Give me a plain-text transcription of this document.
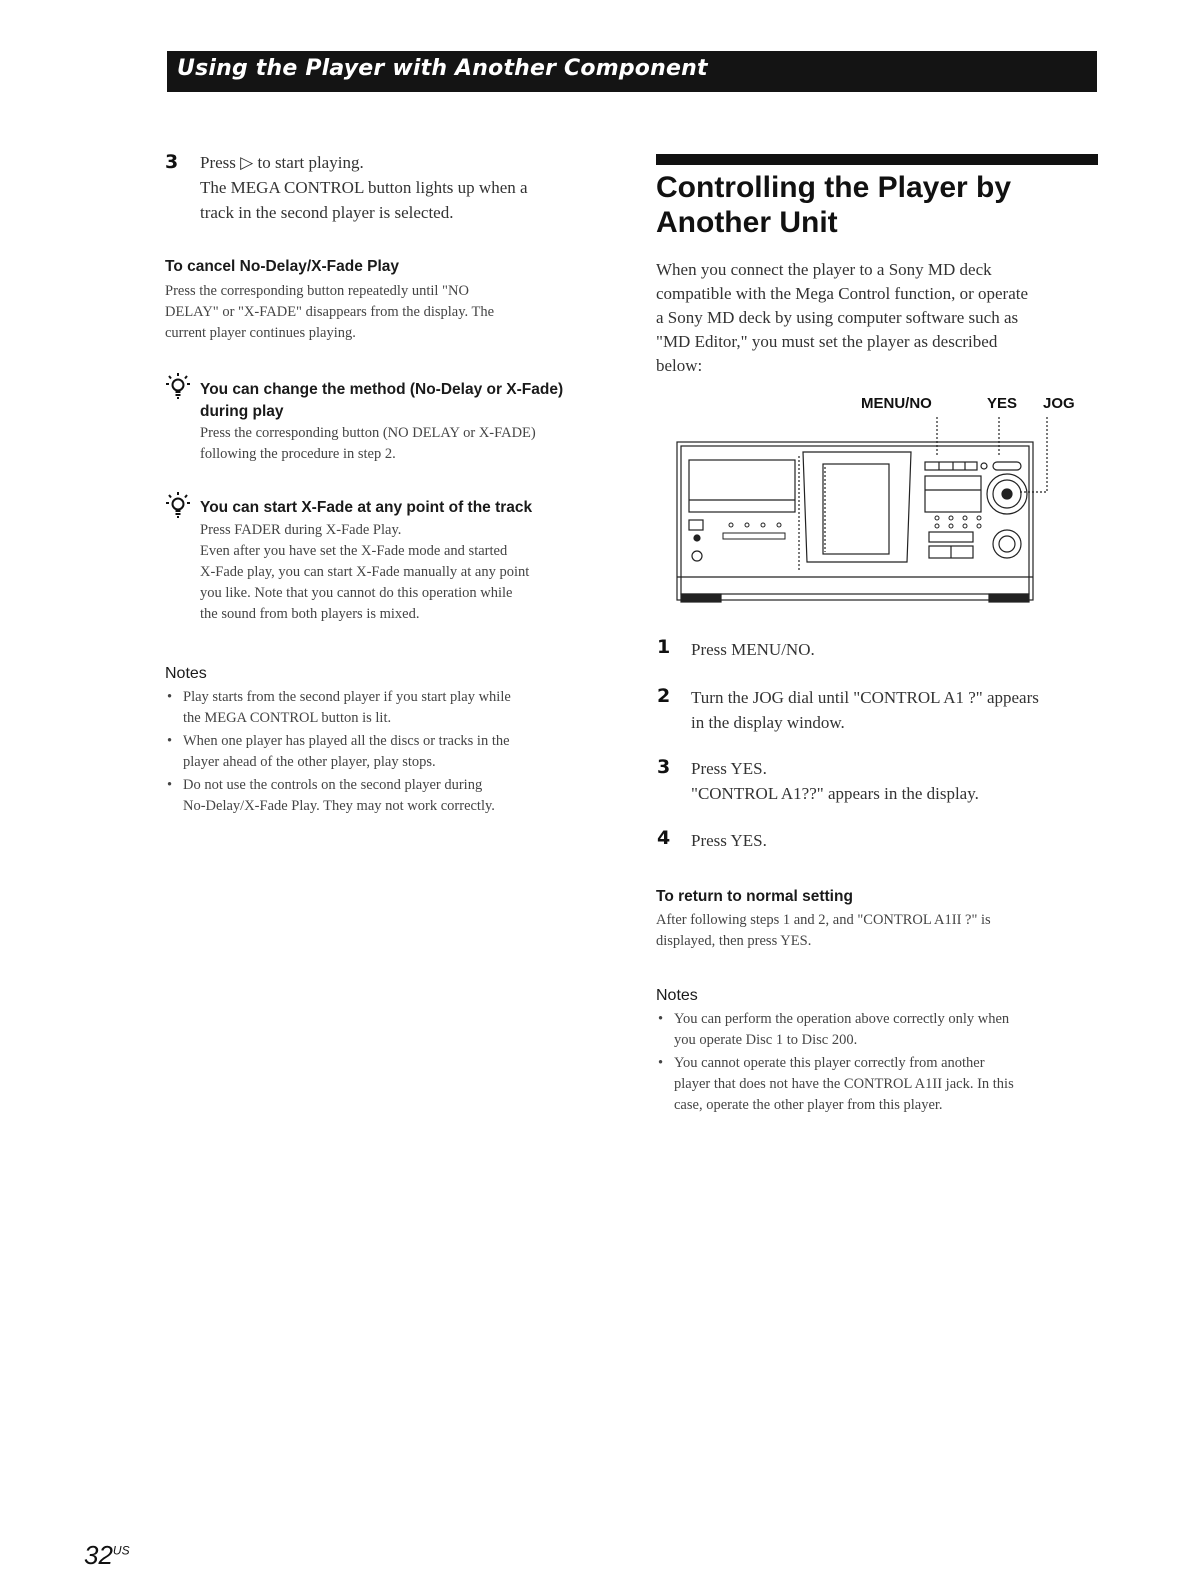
Using the Player with Another Component
3 Press ▷ to start playing.
The MEGA CONTROL button lights up when a
track in the second player is selected.
To cancel No-Delay/X-Fade Play
Press the corresponding button repeatedly until "NO
DELAY" or "X-FADE" disappears from the display. The
current player continues playing.
You can change the method (No-Delay or X-Fade)
during play
Press the corresponding button (NO DELAY or X-FADE)
following the procedure in step 2.
You can start X-Fade at any point of the track
Press FADER during X-Fade Play.
Even after you have set the X-Fade mode and started
X-Fade play, you can start X-Fade manually at any point
you like. Note that you cannot do this operation while
the sound from both players is mixed.
Notes
• Play starts from the second player if you start play while
the MEGA CONTROL button is lit.
• When one player has played all the discs or tracks in the
player ahead of the other player, play stops.
• Do not use the controls on the second player during
No-Delay/X-Fade Play. They may not work correctly.
Controlling the Player by
Another Unit
When you connect the player to a Sony MD deck
compatible with the Mega Control function, or operate
a Sony MD deck by using computer software such as
"MD Editor," you must set the player as described
below:
MENU/NO	YES JOG
1 Press MENU/NO.
2 Turn the JOG dial until "CONTROL A1 ?" appears
in the display window.
3 Press YES.
"CONTROL A1??" appears in the display.
4 Press YES.
To return to normal setting
After following steps 1 and 2, and "CONTROL A1II ?" is
displayed, then press YES.
Notes
• You can perform the operation above correctly only when
you operate Disc 1 to Disc 200.
• You cannot operate this player correctly from another
player that does not have the CONTROL A1II jack. In this
case, operate the other player from this player.
$32^{US}$
